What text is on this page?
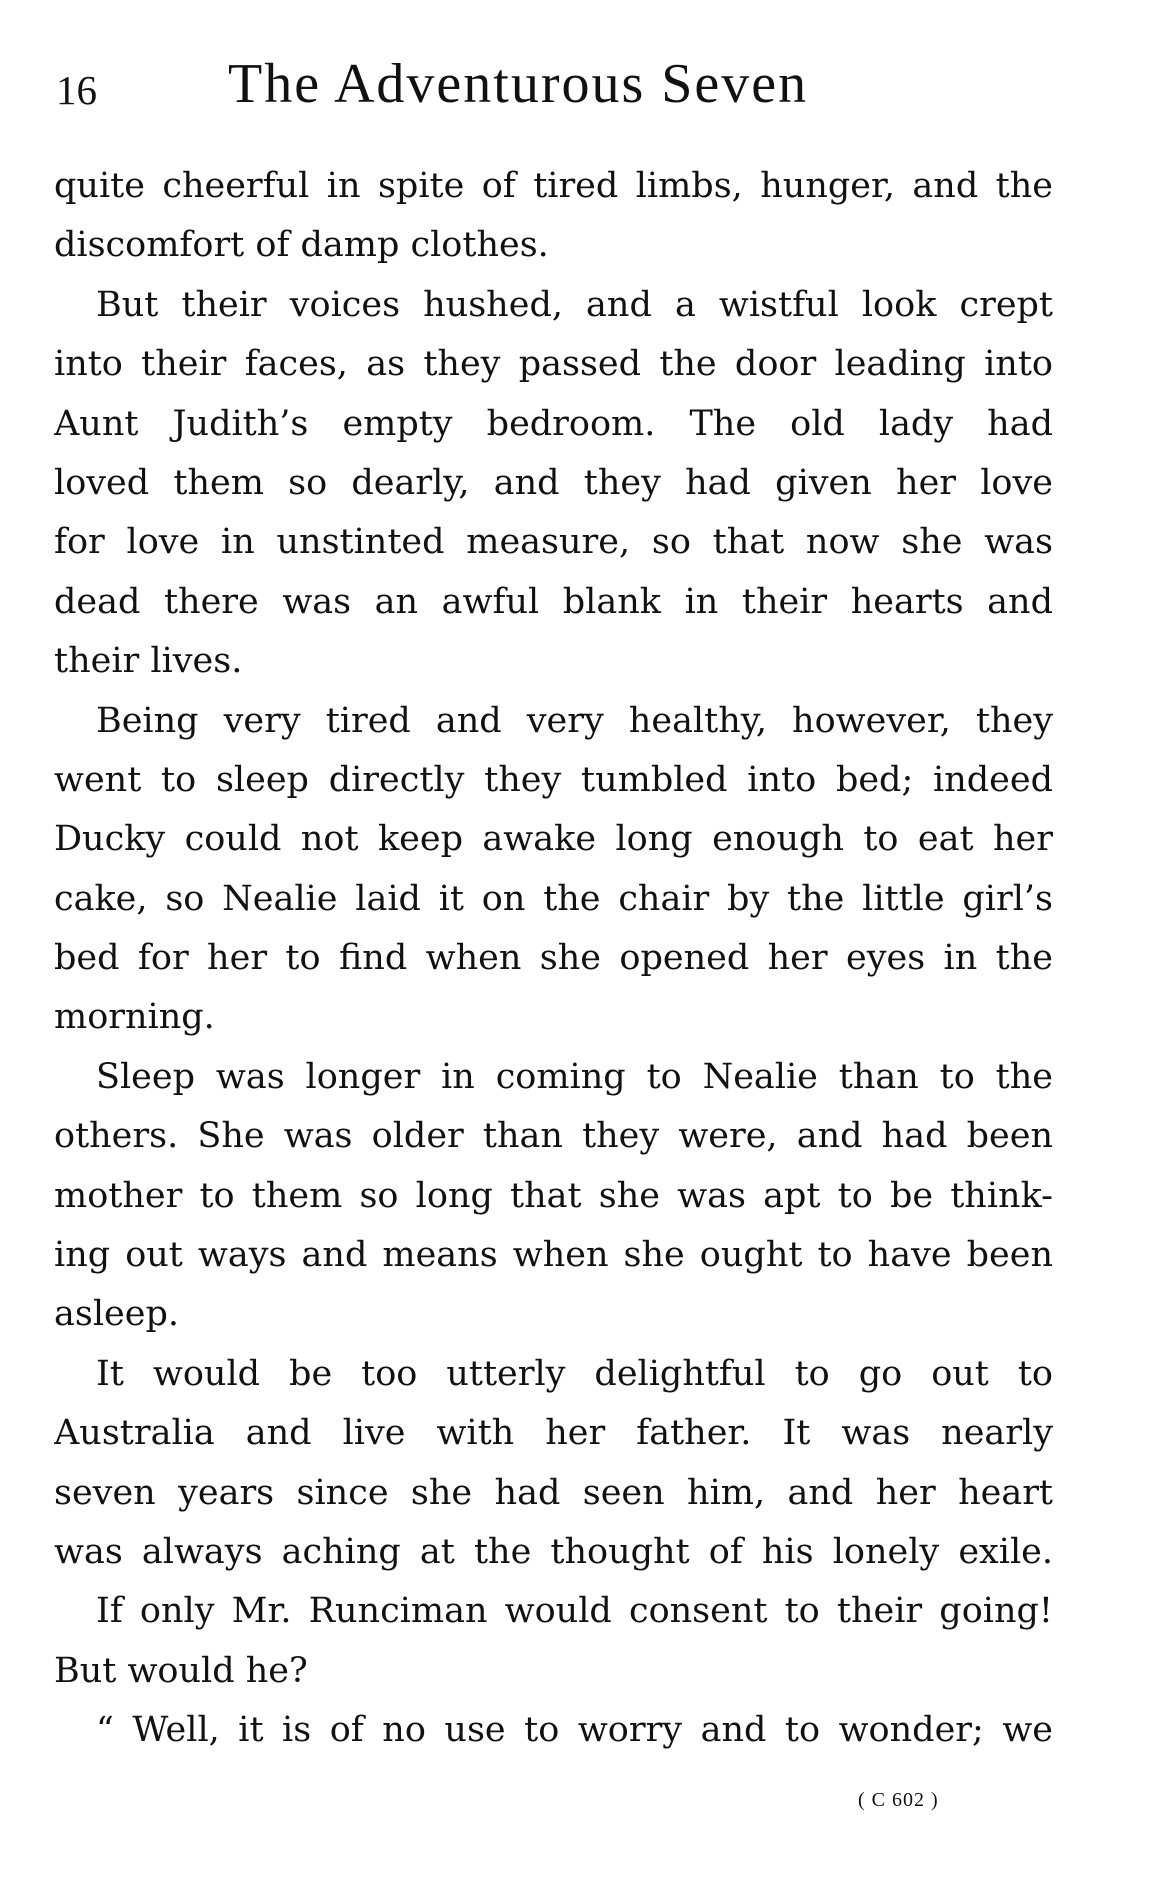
16 The Adventurous Seven
quite cheerful in spite of tired limbs, hunger, and the
discomfort of damp clothes.
But their voices hushed, and a wistful look crept
into their faces, as they passed the door leading into
Aunt Judith’s empty bedroom. The old lady had
loved them so dearly, and they had given her love
for love in unstinted measure, so that now she was
dead there was an awful blank in their hearts and
their lives.
Being very tired and very healthy, however, they
went to sleep directly they tumbled into bed; indeed
Ducky could not keep awake long enough to eat her
cake, so Nealie laid it on the chair by the little girl’s
bed for her to find when she opened her eyes in the
morning.
Sleep was longer in coming to Nealie than to the
others. She was older than they were, and had been
mother to them so long that she was apt to be think-
ing out ways and means when she ought to have been
asleep.
It would be too utterly delightful to go out to
Australia and live with her father. It was nearly
seven years since she had seen him, and her heart
was always aching at the thought of his lonely exile.
If only Mr. Runciman would consent to their going!
But would he?
“ Well, it is of no use to worry and to wonder; we
( C 602 )
